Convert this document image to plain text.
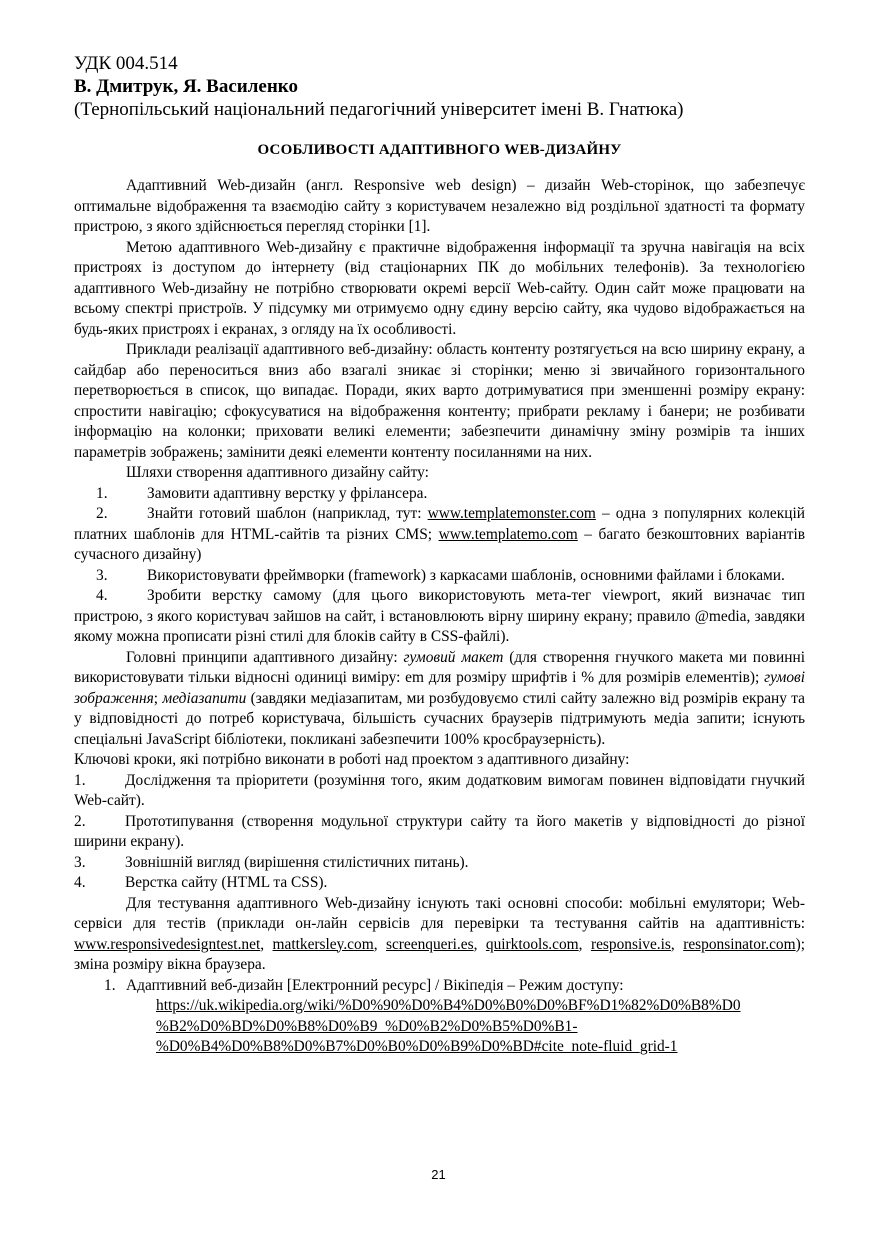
УДК 004.514

В. Дмитрук, Я. Василенко

(Тернопільський національний педагогічний університет імені В. Гнатюка)

ОСОБЛИВОСТІ АДАПТИВНОГО WEB-ДИЗАЙНУ

Адаптивний Web-дизайн (англ. Responsive web design) – дизайн Web-сторінок, що забезпечує оптимальне відображення та взаємодію сайту з користувачем незалежно від роздільної здатності та формату пристрою, з якого здійснюється перегляд сторінки [1].

Метою адаптивного Web-дизайну є практичне відображення інформації та зручна навігація на всіх пристроях із доступом до інтернету (від стаціонарних ПК до мобільних телефонів). За технологією адаптивного Web-дизайну не потрібно створювати окремі версії Web-сайту. Один сайт може працювати на всьому спектрі пристроїв. У підсумку ми отримуємо одну єдину версію сайту, яка чудово відображається на будь-яких пристроях і екранах, з огляду на їх особливості.

Приклади реалізації адаптивного веб-дизайну: область контенту розтягується на всю ширину екрану, а сайдбар або переноситься вниз або взагалі зникає зі сторінки; меню зі звичайного горизонтального перетворюється в список, що випадає. Поради, яких варто дотримуватися при зменшенні розміру екрану: спростити навігацію; сфокусуватися на відображення контенту; прибрати рекламу і банери; не розбивати інформацію на колонки; приховати великі елементи; забезпечити динамічну зміну розмірів та інших параметрів зображень; замінити деякі елементи контенту посиланнями на них.

Шляхи створення адаптивного дизайну сайту:

1.	Замовити адаптивну верстку у фрілансера.

2.	Знайти готовий шаблон (наприклад, тут: www.templatemonster.com – одна з популярних колекцій платних шаблонів для HTML-сайтів та різних CMS; www.templatemo.com – багато безкоштовних варіантів сучасного дизайну)

3.	Використовувати фреймворки (framework) з каркасами шаблонів, основними файлами і блоками.

4.	Зробити верстку самому (для цього використовують мета-тег viewport, який визначає тип пристрою, з якого користувач зайшов на сайт, і встановлюють вірну ширину екрану; правило @media, завдяки якому можна прописати різні стилі для блоків сайту в CSS-файлі).

Головні принципи адаптивного дизайну: гумовий макет (для створення гнучкого макета ми повинні використовувати тільки відносні одиниці виміру: em для розміру шрифтів і % для розмірів елементів); гумові зображення; медіазапити (завдяки медіазапитам, ми розбудовуємо стилі сайту залежно від розмірів екрану та у відповідності до потреб користувача, більшість сучасних браузерів підтримують медіа запити; існують спеціальні JavaScript бібліотеки, покликані забезпечити 100% кросбраузерність).

Ключові кроки, які потрібно виконати в роботі над проектом з адаптивного дизайну:

1.	Дослідження та пріоритети (розуміння того, яким додатковим вимогам повинен відповідати гнучкий Web-сайт).

2.	Прототипування (створення модульної структури сайту та його макетів у відповідності до різної ширини екрану).

3.	Зовнішній вигляд (вирішення стилістичних питань).

4.	Верстка сайту (HTML та CSS).

Для тестування адаптивного Web-дизайну існують такі основні способи: мобільні емулятори; Web-сервіси для тестів (приклади он-лайн сервісів для перевірки та тестування сайтів на адаптивність: www.responsivedesigntest.net, mattkersley.com, screenqueri.es, quirktools.com, responsive.is, responsinator.com); зміна розміру вікна браузера.

1. Адаптивний веб-дизайн [Електронний ресурс] / Вікіпедія – Режим доступу:
https://uk.wikipedia.org/wiki/%D0%90%D0%B4%D0%B0%D0%BF%D1%82%D0%B8%D0
%B2%D0%BD%D0%B8%D0%B9_%D0%B2%D0%B5%D0%B1-
%D0%B4%D0%B8%D0%B7%D0%B0%D0%B9%D0%BD#cite_note-fluid_grid-1
21
